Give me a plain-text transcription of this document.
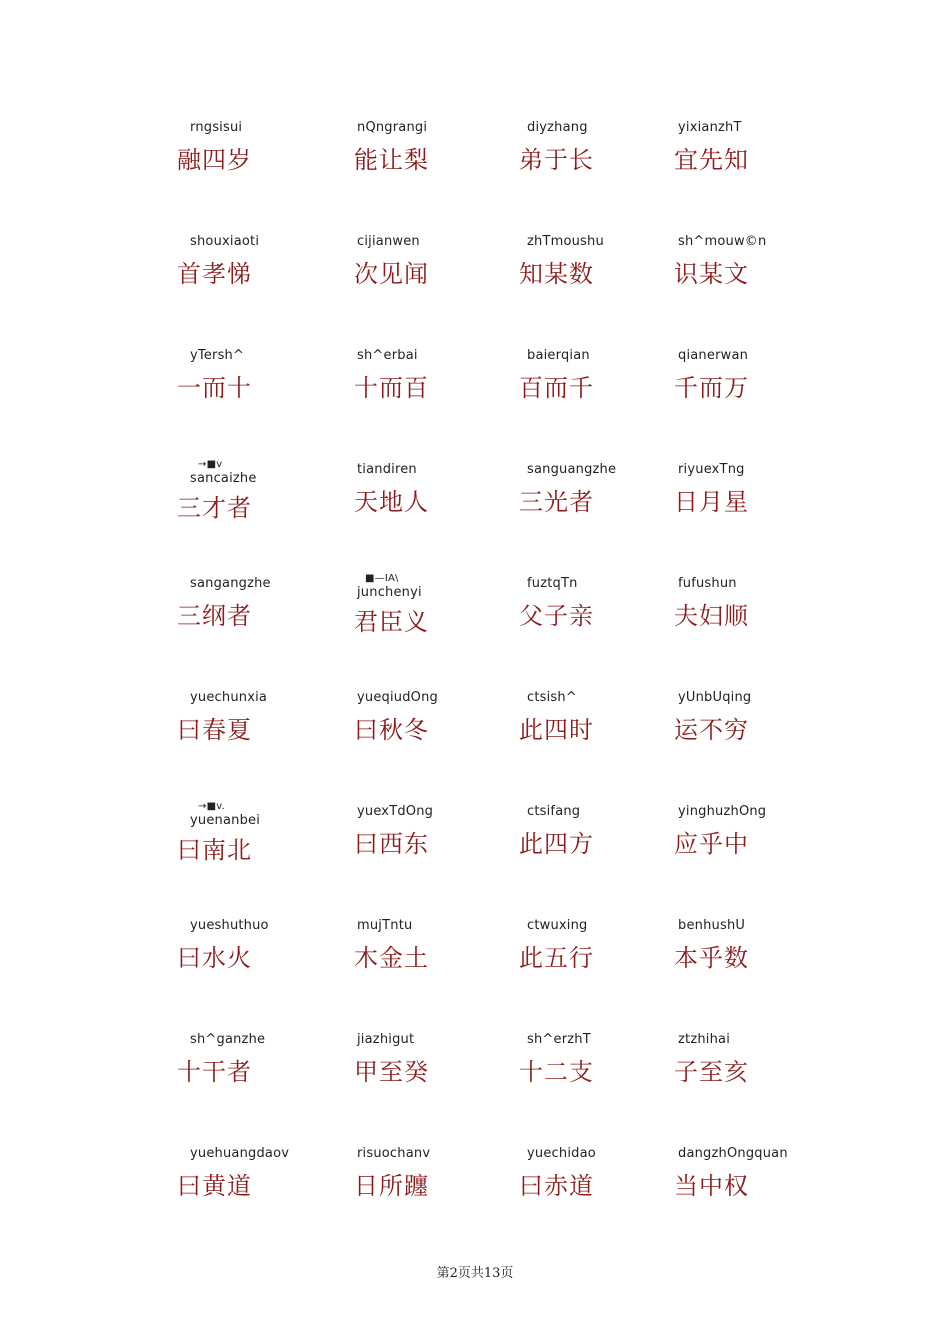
rngsisui
融四岁
nQngrangi
能让梨
diyzhang
弟于长
yixianzhT
宜先知
shouxiaoti
首孝悌
cijianwen
次见闻
zhTmoushu
知某数
sh^mouw©n
识某文
yTersh^
一而十
sh^erbai
十而百
baierqian
百而千
qianerwan
千而万
→■v
sancaizhe
三才者
tiandiren
天地人
sanguangzhe
三光者
riyuexTng
日月星
sangangzhe
三纲者
■—IA\
junchenyi
君臣义
fuztqTn
父子亲
fufushun
夫妇顺
yuechunxia
曰春夏
yueqiudOng
曰秋冬
ctsish^
此四时
yUnbUqing
运不穷
→■v.
yuenanbei
曰南北
yuexTdOng
曰西东
ctsifang
此四方
yinghuzhOng
应乎中
yueshuthuo
曰水火
mujTntu
木金土
ctwuxing
此五行
benhushU
本乎数
sh^ganzhe
十干者
jiazhigut
甲至癸
sh^erzhT
十二支
ztzhihai
子至亥
yuehuangdaov
曰黄道
risuochanv
日所躔
yuechidao
曰赤道
dangzhOngquan
当中权
第2页共13页
